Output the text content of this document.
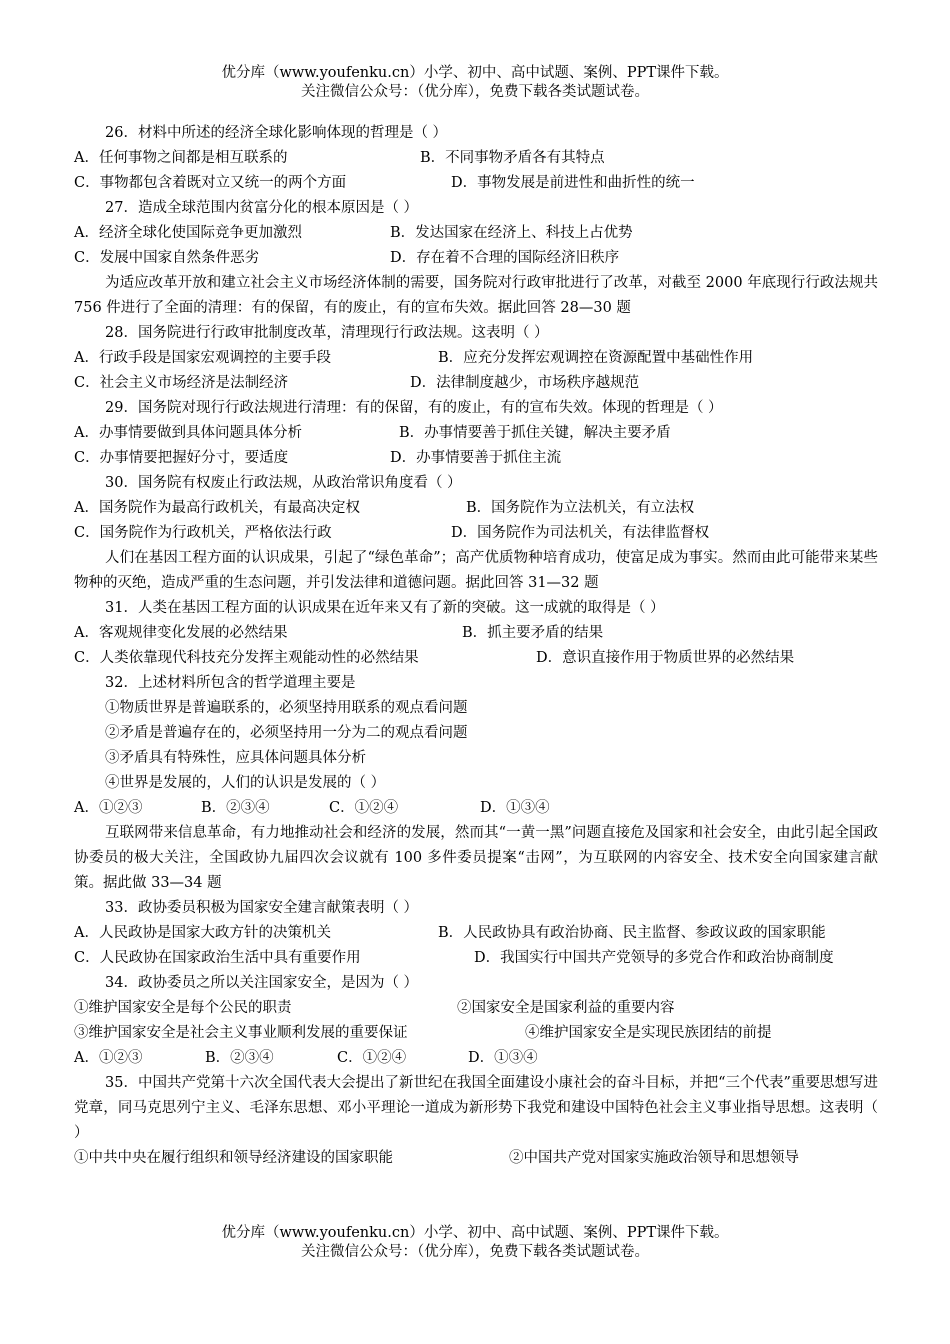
优分库（www.youfenku.cn）小学、初中、高中试题、案例、PPT课件下载。
关注微信公众号：（优分库），免费下载各类试题试卷。
26．材料中所述的经济全球化影响体现的哲理是（ ）
A．任何事物之间都是相互联系的	B．不同事物矛盾各有其特点
C．事物都包含着既对立又统一的两个方面	D．事物发展是前进性和曲折性的统一
27．造成全球范围内贫富分化的根本原因是（ ）
A．经济全球化使国际竞争更加激烈	B．发达国家在经济上、科技上占优势
C．发展中国家自然条件恶劣	D．存在着不合理的国际经济旧秩序
为适应改革开放和建立社会主义市场经济体制的需要，国务院对行政审批进行了改革，对截至 2000 年底现行行政法规共 756 件进行了全面的清理：有的保留，有的废止，有的宣布失效。据此回答 28—30 题
28．国务院进行行政审批制度改革，清理现行行政法规。这表明（ ）
A．行政手段是国家宏观调控的主要手段	B．应充分发挥宏观调控在资源配置中基础性作用
C．社会主义市场经济是法制经济	D．法律制度越少，市场秩序越规范
29．国务院对现行行政法规进行清理：有的保留，有的废止，有的宣布失效。体现的哲理是（ ）
A．办事情要做到具体问题具体分析	B．办事情要善于抓住关键，解决主要矛盾
C．办事情要把握好分寸，要适度	D．办事情要善于抓住主流
30．国务院有权废止行政法规，从政治常识角度看（ ）
A．国务院作为最高行政机关，有最高决定权	B．国务院作为立法机关，有立法权
C．国务院作为行政机关，严格依法行政	D．国务院作为司法机关，有法律监督权
人们在基因工程方面的认识成果，引起了“绿色革命”；高产优质物种培育成功，使富足成为事实。然而由此可能带来某些物种的灭绝，造成严重的生态问题，并引发法律和道德问题。据此回答 31—32 题
31．人类在基因工程方面的认识成果在近年来又有了新的突破。这一成就的取得是（ ）
A．客观规律变化发展的必然结果	B．抓主要矛盾的结果
C．人类依靠现代科技充分发挥主观能动性的必然结果	D．意识直接作用于物质世界的必然结果
32．上述材料所包含的哲学道理主要是
①物质世界是普遍联系的，必须坚持用联系的观点看问题
②矛盾是普遍存在的，必须坚持用一分为二的观点看问题
③矛盾具有特殊性，应具体问题具体分析
④世界是发展的，人们的认识是发展的（ ）
A．①②③	B．②③④	C．①②④	D．①③④
互联网带来信息革命，有力地推动社会和经济的发展，然而其“一黄一黑”问题直接危及国家和社会安全，由此引起全国政协委员的极大关注，全国政协九届四次会议就有 100 多件委员提案“击网”，为互联网的内容安全、技术安全向国家建言献策。据此做 33—34 题
33．政协委员积极为国家安全建言献策表明（ ）
A．人民政协是国家大政方针的决策机关	B．人民政协具有政治协商、民主监督、参政议政的国家职能
C．人民政协在国家政治生活中具有重要作用	D．我国实行中国共产党领导的多党合作和政治协商制度
34．政协委员之所以关注国家安全，是因为（ ）
①维护国家安全是每个公民的职责	②国家安全是国家利益的重要内容
③维护国家安全是社会主义事业顺利发展的重要保证	④维护国家安全是实现民族团结的前提
A．①②③	B．②③④	C．①②④	D．①③④
35．中国共产党第十六次全国代表大会提出了新世纪在我国全面建设小康社会的奋斗目标，并把“三个代表”重要思想写进党章，同马克思列宁主义、毛泽东思想、邓小平理论一道成为新形势下我党和建设中国特色社会主义事业指导思想。这表明（ ）
①中共中央在履行组织和领导经济建设的国家职能	②中国共产党对国家实施政治领导和思想领导
优分库（www.youfenku.cn）小学、初中、高中试题、案例、PPT课件下载。
关注微信公众号：（优分库），免费下载各类试题试卷。
